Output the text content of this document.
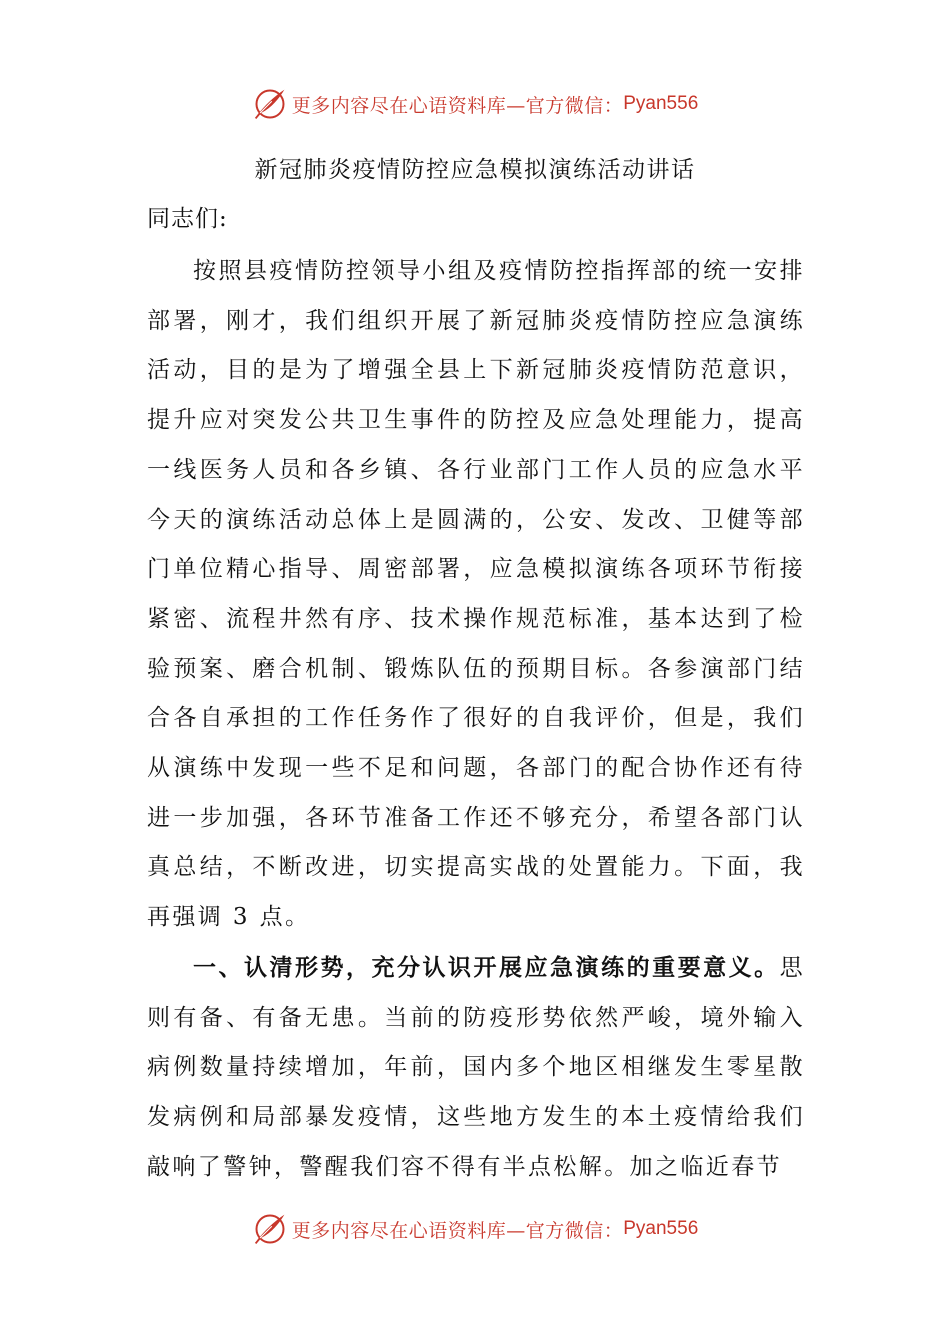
更多内容尽在心语资料库—官方微信： Pyan556
新冠肺炎疫情防控应急模拟演练活动讲话
同志们:

按照县疫情防控领导小组及疫情防控指挥部的统一安排部署，刚才，我们组织开展了新冠肺炎疫情防控应急演练活动，目的是为了增强全县上下新冠肺炎疫情防范意识，提升应对突发公共卫生事件的防控及应急处理能力，提高一线医务人员和各乡镇、各行业部门工作人员的应急水平今天的演练活动总体上是圆满的，公安、发改、卫健等部门单位精心指导、周密部署，应急模拟演练各项环节衔接紧密、流程井然有序、技术操作规范标准，基本达到了检验预案、磨合机制、锻炼队伍的预期目标。各参演部门结合各自承担的工作任务作了很好的自我评价，但是，我们从演练中发现一些不足和问题，各部门的配合协作还有待进一步加强，各环节准备工作还不够充分，希望各部门认真总结，不断改进，切实提高实战的处置能力。下面，我再强调 3 点。

一、认清形势，充分认识开展应急演练的重要意义。思则有备、有备无患。当前的防疫形势依然严峻，境外输入病例数量持续增加，年前，国内多个地区相继发生零星散发病例和局部暴发疫情，这些地方发生的本土疫情给我们敲响了警钟，警醒我们容不得有半点松解。加之临近春节

更多内容尽在心语资料库—官方微信： Pyan556
